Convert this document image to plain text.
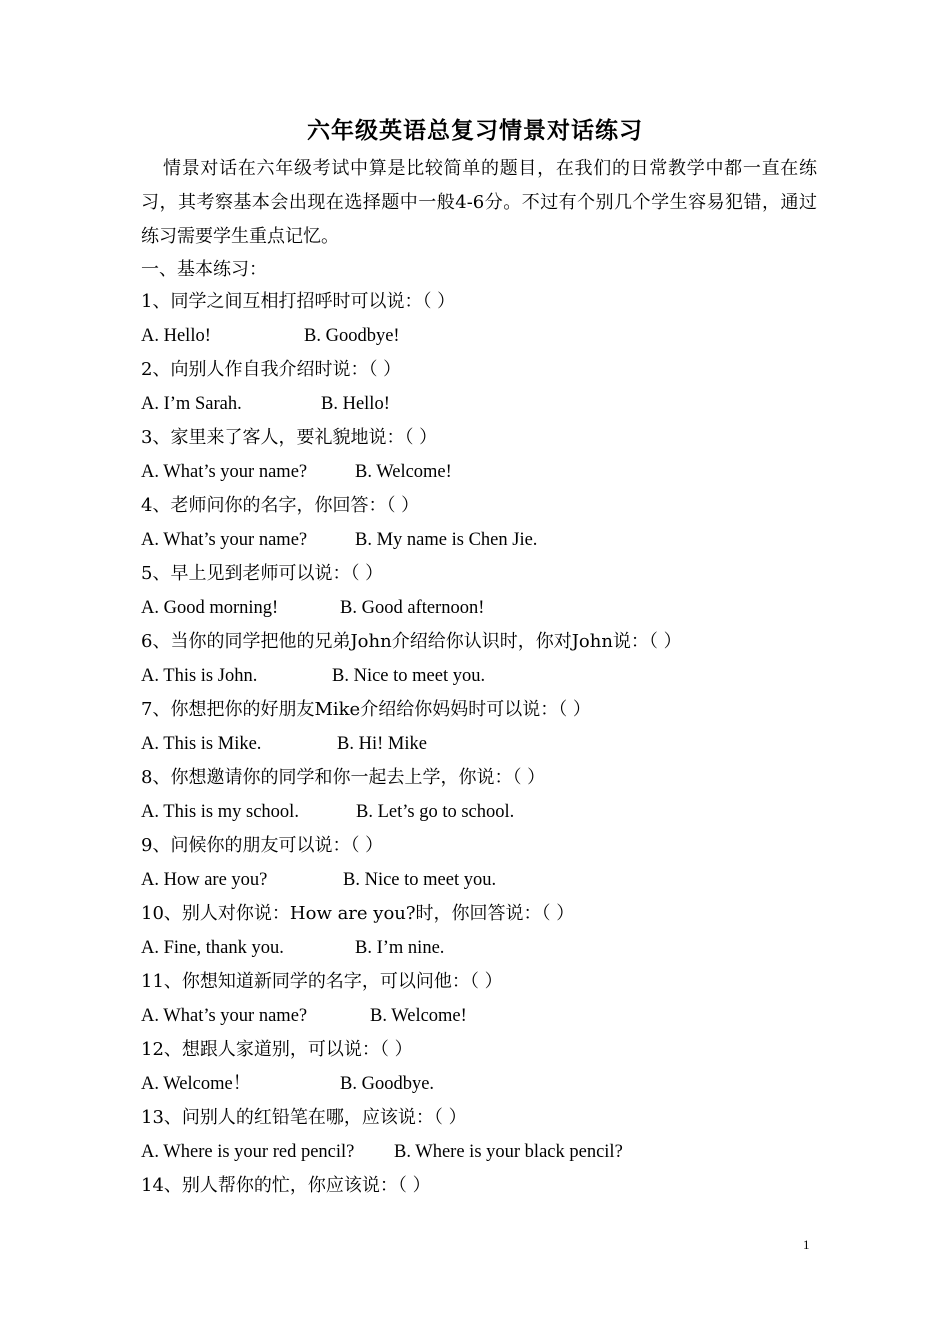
六年级英语总复习情景对话练习
情景对话在六年级考试中算是比较简单的题目，在我们的日常教学中都一直在练习，其考察基本会出现在选择题中一般4-6分。不过有个别几个学生容易犯错，通过练习需要学生重点记忆。
一、基本练习：
1、同学之间互相打招呼时可以说：（ ）
A. Hello!	B. Goodbye!
2、向别人作自我介绍时说：（ ）
A. I’m Sarah.	B. Hello!
3、家里来了客人，要礼貌地说：（ ）
A. What’s your name?	B. Welcome!
4、老师问你的名字，你回答：（ ）
A. What’s your name?	B. My name is Chen Jie.
5、早上见到老师可以说：（ ）
A. Good morning!	B. Good afternoon!
6、当你的同学把他的兄弟John介绍给你认识时，你对John说：（ ）
A. This is John.	B. Nice to meet you.
7、你想把你的好朋友Mike介绍给你妈妈时可以说：（ ）
A. This is Mike.	B. Hi! Mike
8、你想邀请你的同学和你一起去上学，你说：（ ）
A. This is my school.	B. Let’s go to school.
9、问候你的朋友可以说：（ ）
A. How are you?	B. Nice to meet you.
10、别人对你说：How are you?时，你回答说：（ ）
A. Fine, thank you.	B. I’m nine.
11、你想知道新同学的名字，可以问他：（ ）
A. What’s your name?	B. Welcome!
12、想跟人家道别，可以说：（ ）
A. Welcome！	B. Goodbye.
13、问别人的红铅笔在哪，应该说：（ ）
A. Where is your red pencil? B. Where is your black pencil?
14、别人帮你的忙，你应该说：（ ）
1
